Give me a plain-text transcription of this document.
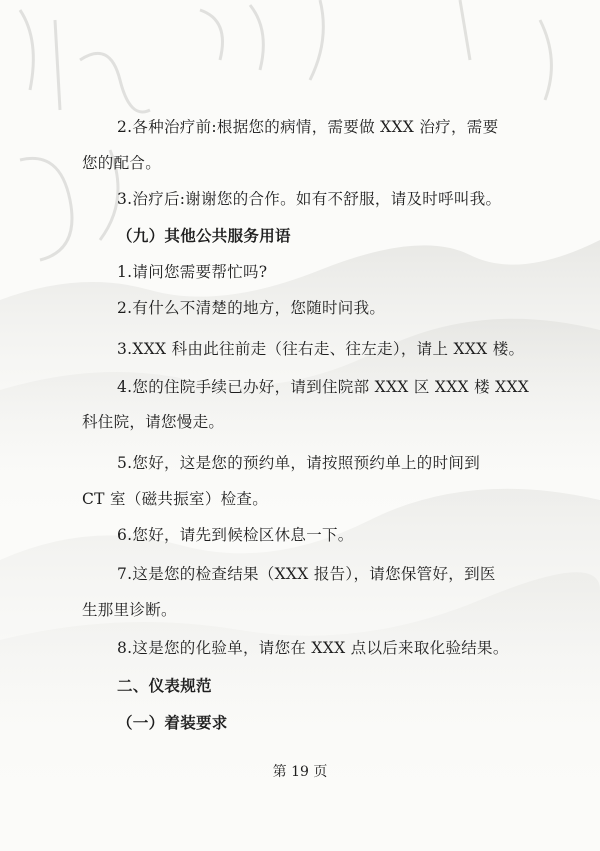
2.各种治疗前:根据您的病情，需要做 XXX 治疗，需要
您的配合。
3.治疗后:谢谢您的合作。如有不舒服，请及时呼叫我。
（九）其他公共服务用语
1.请问您需要帮忙吗?
2.有什么不清楚的地方，您随时问我。
3.XXX 科由此往前走（往右走、往左走），请上 XXX 楼。
4.您的住院手续已办好，请到住院部 XXX 区 XXX 楼 XXX
科住院，请您慢走。
5.您好，这是您的预约单，请按照预约单上的时间到
CT 室（磁共振室）检查。
6.您好，请先到候检区休息一下。
7.这是您的检查结果（XXX 报告），请您保管好，到医
生那里诊断。
8.这是您的化验单，请您在 XXX 点以后来取化验结果。
二、仪表规范
（一）着装要求
第 19 页
